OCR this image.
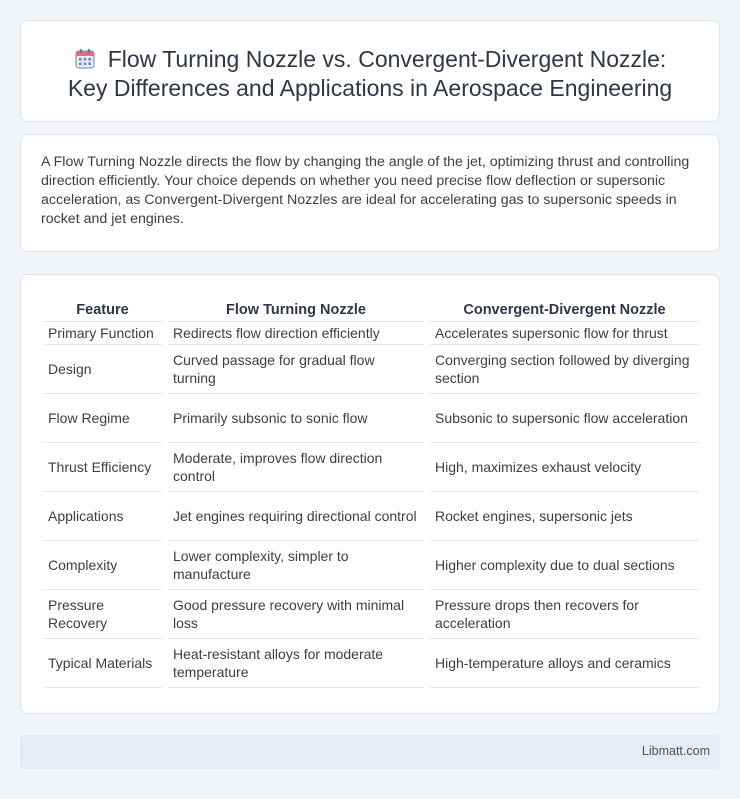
Flow Turning Nozzle vs. Convergent-Divergent Nozzle:
Key Differences and Applications in Aerospace Engineering

A Flow Turning Nozzle directs the flow by changing the angle of the jet, optimizing thrust and controlling direction efficiently. Your choice depends on whether you need precise flow deflection or supersonic acceleration, as Convergent-Divergent Nozzles are ideal for accelerating gas to supersonic speeds in rocket and jet engines.

Feature	Flow Turning Nozzle	Convergent-Divergent Nozzle
Primary Function	Redirects flow direction efficiently	Accelerates supersonic flow for thrust
Design	Curved passage for gradual flow turning	Converging section followed by diverging section
Flow Regime	Primarily subsonic to sonic flow	Subsonic to supersonic flow acceleration
Thrust Efficiency	Moderate, improves flow direction control	High, maximizes exhaust velocity
Applications	Jet engines requiring directional control	Rocket engines, supersonic jets
Complexity	Lower complexity, simpler to manufacture	Higher complexity due to dual sections
Pressure Recovery	Good pressure recovery with minimal loss	Pressure drops then recovers for acceleration
Typical Materials	Heat-resistant alloys for moderate temperature	High-temperature alloys and ceramics
Libmatt.com
